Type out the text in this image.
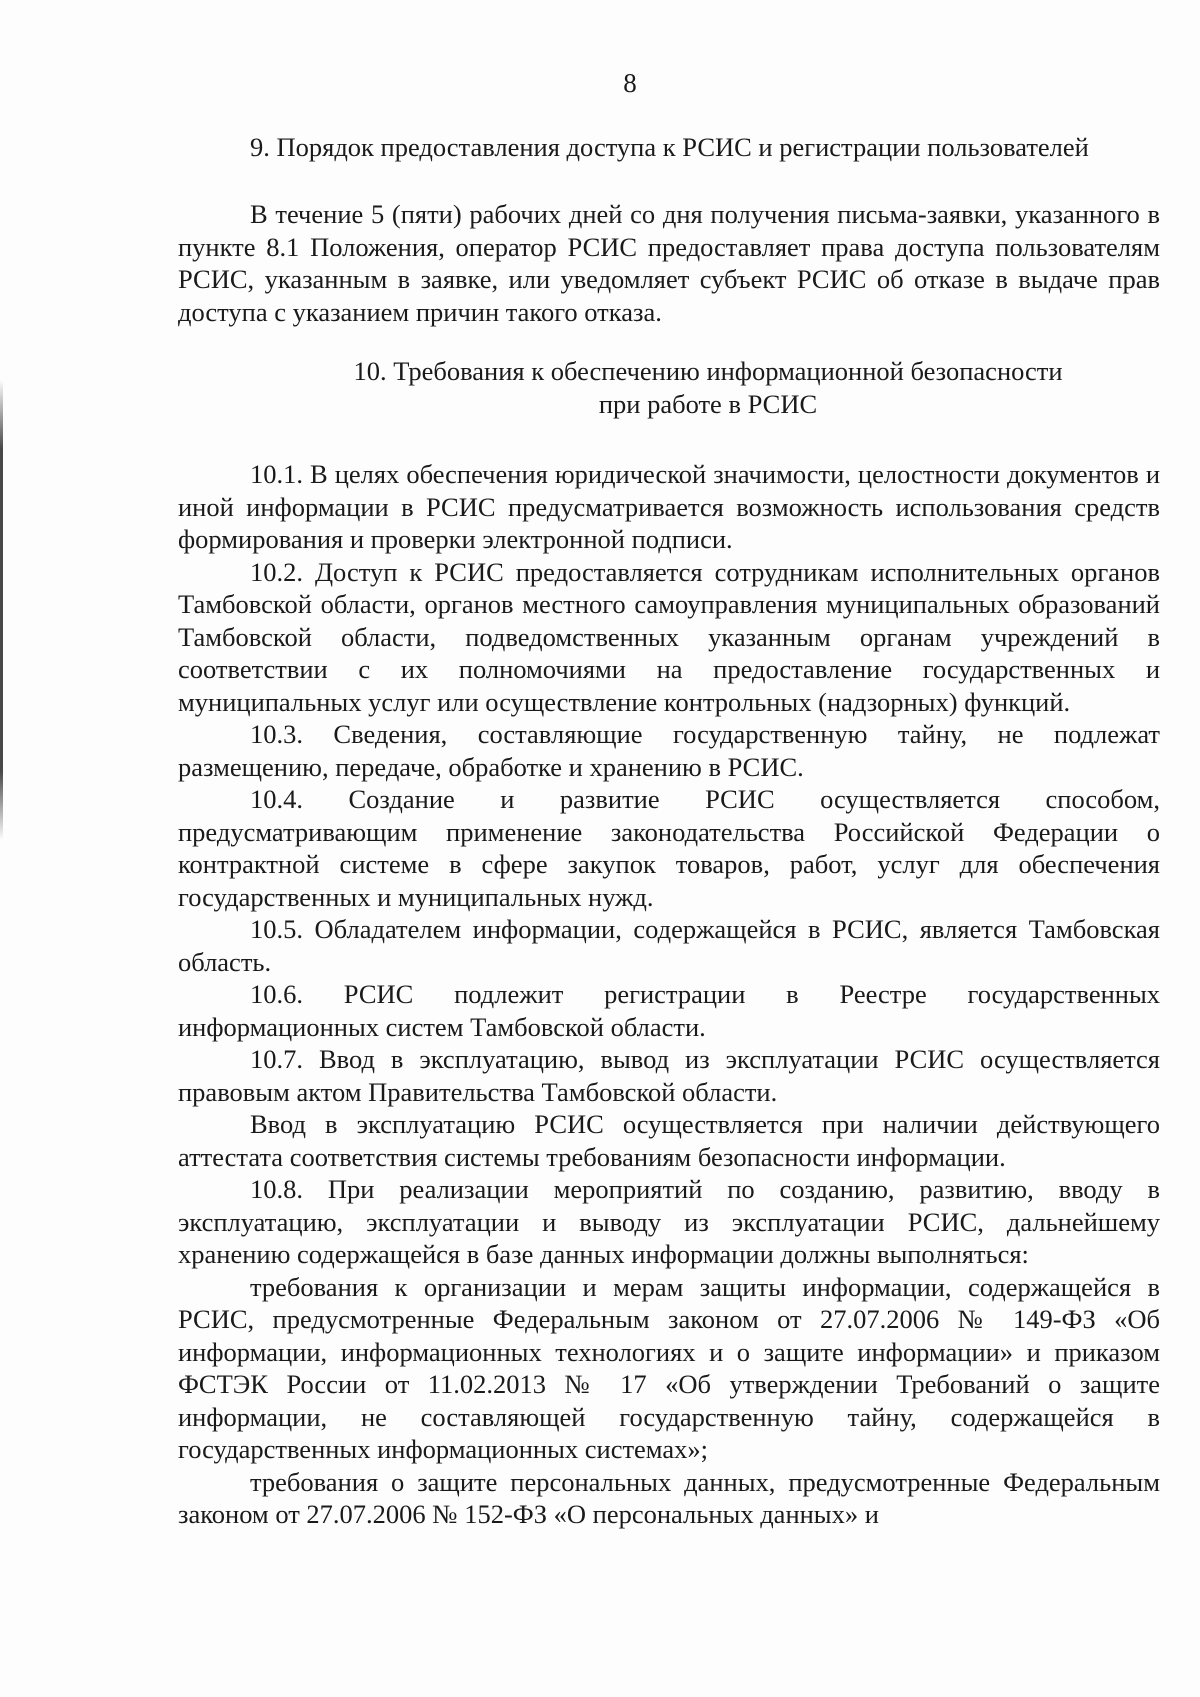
8
9. Порядок предоставления доступа к РСИС и регистрации пользователей

В течение 5 (пяти) рабочих дней со дня получения письма-заявки, указанного в пункте 8.1 Положения, оператор РСИС предоставляет права доступа пользователям РСИС, указанным в заявке, или уведомляет субъект РСИС об отказе в выдаче прав доступа с указанием причин такого отказа.

10. Требования к обеспечению информационной безопасности
при работе в РСИС

10.1. В целях обеспечения юридической значимости, целостности документов и иной информации в РСИС предусматривается возможность использования средств формирования и проверки электронной подписи.

10.2. Доступ к РСИС предоставляется сотрудникам исполнительных органов Тамбовской области, органов местного самоуправления муниципальных образований Тамбовской области, подведомственных указанным органам учреждений в соответствии с их полномочиями на предоставление государственных и муниципальных услуг или осуществление контрольных (надзорных) функций.

10.3. Сведения, составляющие государственную тайну, не подлежат размещению, передаче, обработке и хранению в РСИС.

10.4. Создание и развитие РСИС осуществляется способом, предусматривающим применение законодательства Российской Федерации о контрактной системе в сфере закупок товаров, работ, услуг для обеспечения государственных и муниципальных нужд.

10.5. Обладателем информации, содержащейся в РСИС, является Тамбовская область.

10.6. РСИС подлежит регистрации в Реестре государственных информационных систем Тамбовской области.

10.7. Ввод в эксплуатацию, вывод из эксплуатации РСИС осуществляется правовым актом Правительства Тамбовской области.

Ввод в эксплуатацию РСИС осуществляется при наличии действующего аттестата соответствия системы требованиям безопасности информации.

10.8. При реализации мероприятий по созданию, развитию, вводу в эксплуатацию, эксплуатации и выводу из эксплуатации РСИС, дальнейшему хранению содержащейся в базе данных информации должны выполняться:

требования к организации и мерам защиты информации, содержащейся в РСИС, предусмотренные Федеральным законом от 27.07.2006 № 149-ФЗ «Об информации, информационных технологиях и о защите информации» и приказом ФСТЭК России от 11.02.2013 № 17 «Об утверждении Требований о защите информации, не составляющей государственную тайну, содержащейся в государственных информационных системах»;

требования о защите персональных данных, предусмотренные Федеральным законом от 27.07.2006 № 152-ФЗ «О персональных данных» и
